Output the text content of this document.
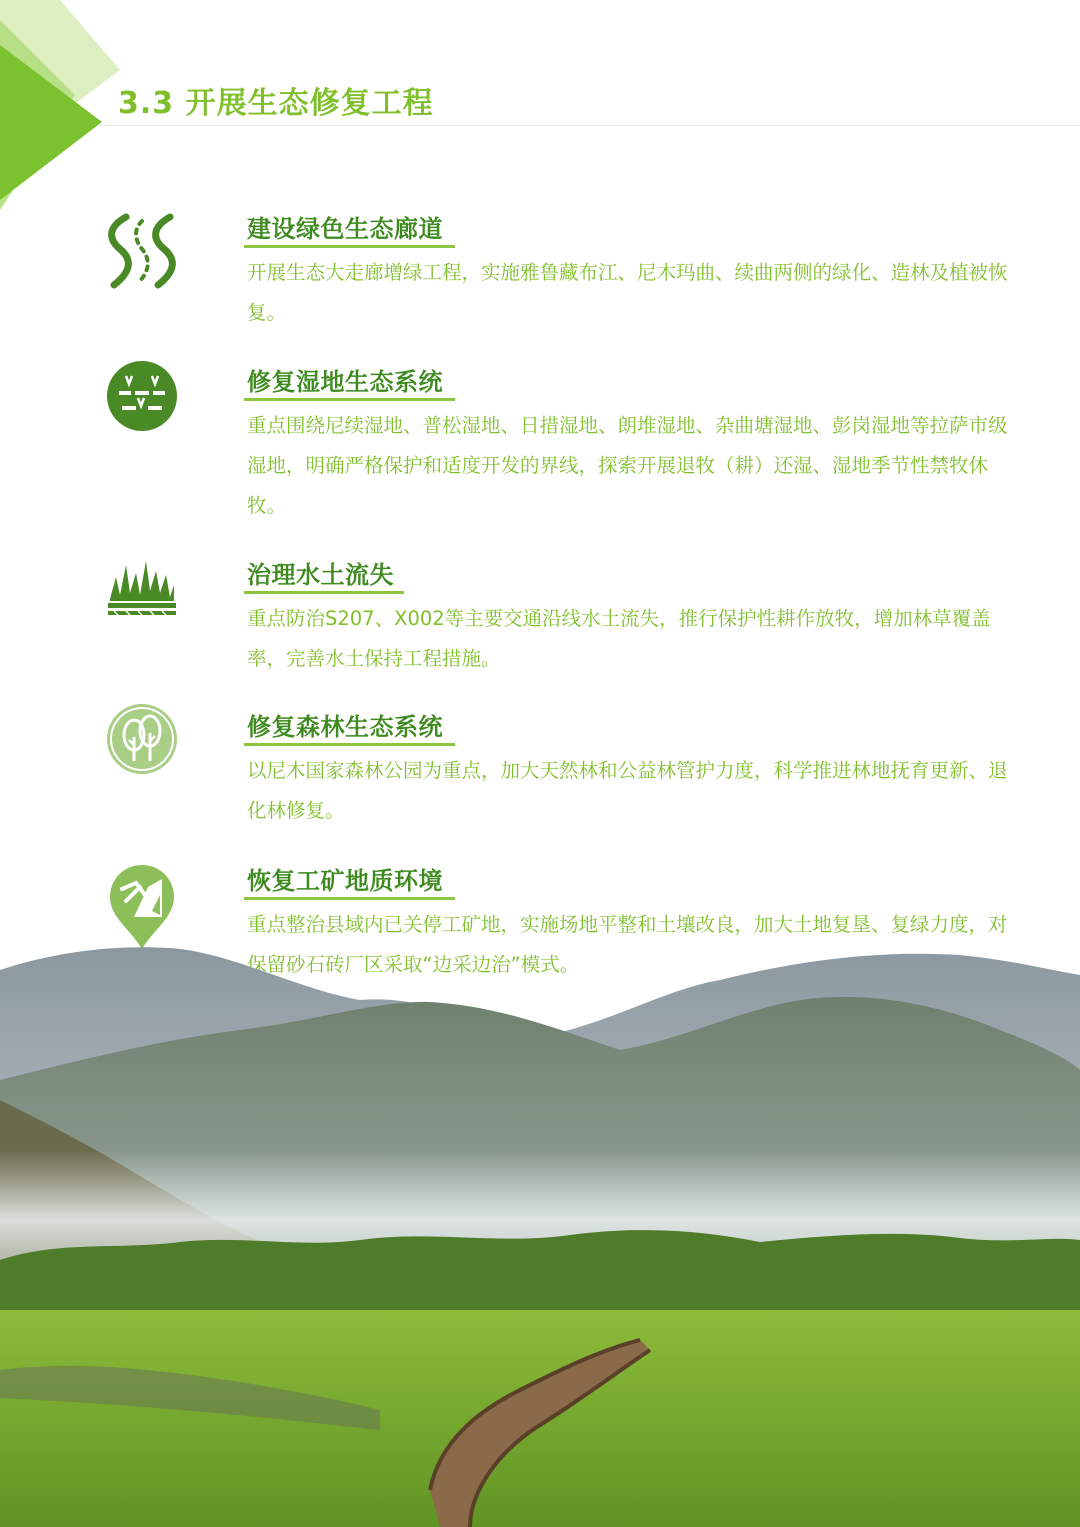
3.3 开展生态修复工程
建设绿色生态廊道

开展生态大走廊增绿工程，实施雅鲁藏布江、尼木玛曲、续曲两侧的绿化、造林及植被恢复。

修复湿地生态系统

重点围绕尼续湿地、普松湿地、日措湿地、朗堆湿地、杂曲塘湿地、彭岗湿地等拉萨市级湿地，明确严格保护和适度开发的界线，探索开展退牧（耕）还湿、湿地季节性禁牧休牧。

治理水土流失

重点防治S207、X002等主要交通沿线水土流失，推行保护性耕作放牧，增加林草覆盖率，完善水土保持工程措施。

修复森林生态系统

以尼木国家森林公园为重点，加大天然林和公益林管护力度，科学推进林地抚育更新、退化林修复。

恢复工矿地质环境

重点整治县域内已关停工矿地，实施场地平整和土壤改良，加大土地复垦、复绿力度，对保留砂石砖厂区采取“边采边治”模式。
